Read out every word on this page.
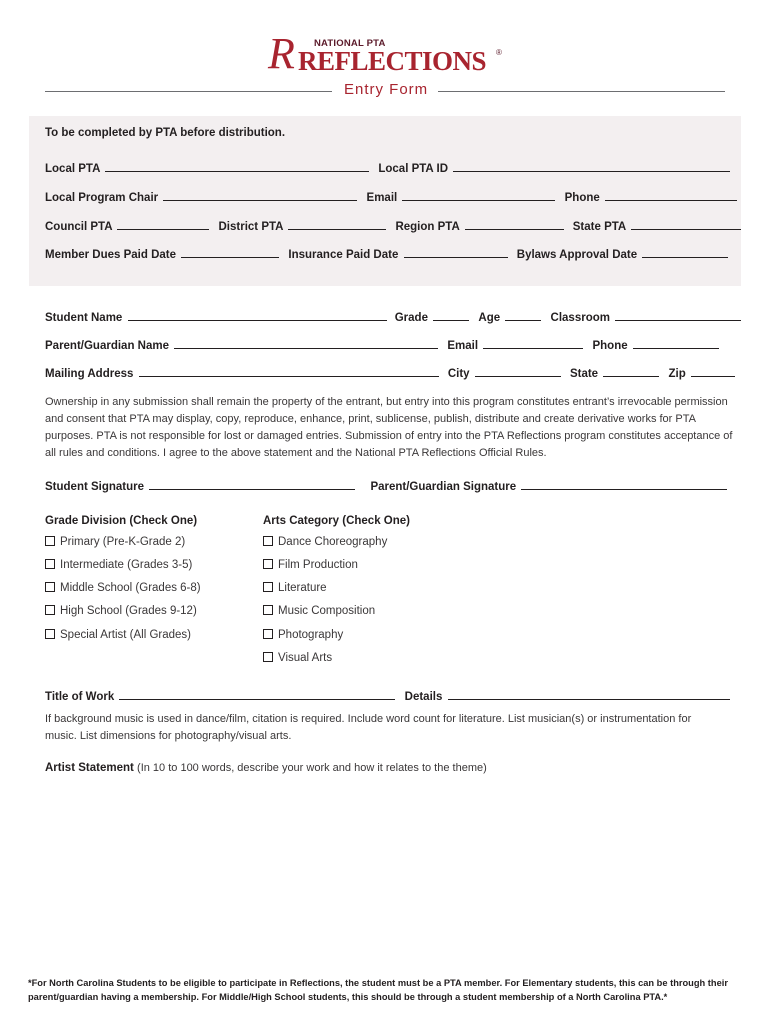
R NATIONAL PTA
REFLECTIONS ®
Entry Form
To be completed by PTA before distribution.
Local PTA	Local PTA ID
Local Program Chair	Email	Phone
Council PTA	District PTA	Region PTA	State PTA
Member Dues Paid Date	Insurance Paid Date	Bylaws Approval Date
Student Name	Grade	Age	Classroom
Parent/Guardian Name	Email	Phone
Mailing Address	City	State	Zip
Ownership in any submission shall remain the property of the entrant, but entry into this program constitutes entrant’s irrevocable permission and consent that PTA may display, copy, reproduce, enhance, print, sublicense, publish, distribute and create derivative works for PTA purposes. PTA is not responsible for lost or damaged entries. Submission of entry into the PTA Reflections program constitutes acceptance of all rules and conditions. I agree to the above statement and the National PTA Reflections Official Rules.
Student Signature	Parent/Guardian Signature
Grade Division (Check One)
Primary (Pre-K-Grade 2)
Intermediate (Grades 3-5)
Middle School (Grades 6-8)
High School (Grades 9-12)
Special Artist (All Grades)
Arts Category (Check One)
Dance Choreography
Film Production
Literature
Music Composition
Photography
Visual Arts
Title of Work	Details
If background music is used in dance/film, citation is required. Include word count for literature. List musician(s) or instrumentation for music. List dimensions for photography/visual arts.
Artist Statement (In 10 to 100 words, describe your work and how it relates to the theme)
*For North Carolina Students to be eligible to participate in Reflections, the student must be a PTA member. For Elementary students, this can be through their parent/guardian having a membership. For Middle/High School students, this should be through a student membership of a North Carolina PTA.*
